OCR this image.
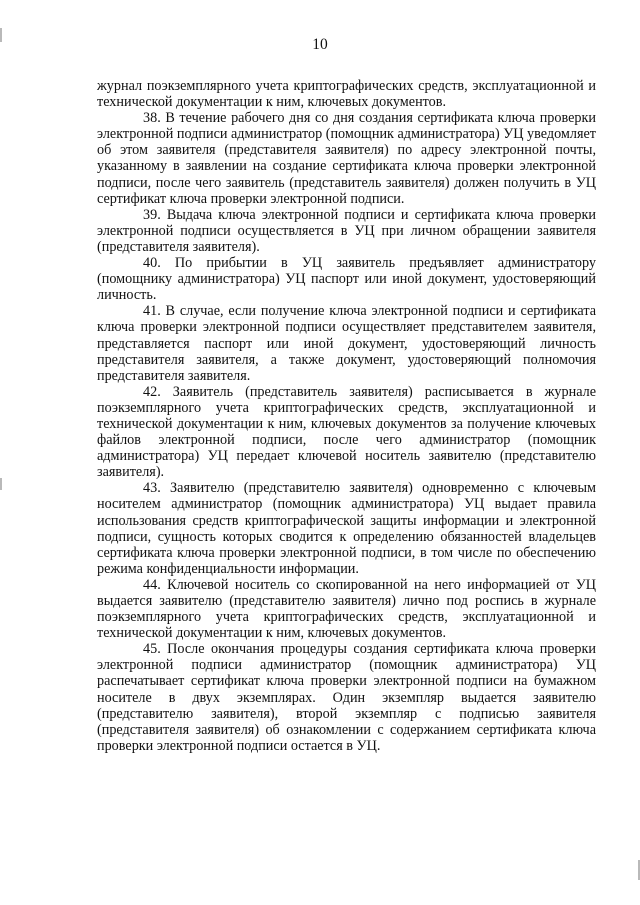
10

журнал поэкземплярного учета криптографических средств, эксплуатационной и технической документации к ним, ключевых документов.

38. В течение рабочего дня со дня создания сертификата ключа проверки электронной подписи администратор (помощник администратора) УЦ уведомляет об этом заявителя (представителя заявителя) по адресу электронной почты, указанному в заявлении на создание сертификата ключа проверки электронной подписи, после чего заявитель (представитель заявителя) должен получить в УЦ сертификат ключа проверки электронной подписи.

39. Выдача ключа электронной подписи и сертификата ключа проверки электронной подписи осуществляется в УЦ при личном обращении заявителя (представителя заявителя).

40. По прибытии в УЦ заявитель предъявляет администратору (помощнику администратора) УЦ паспорт или иной документ, удостоверяющий личность.

41. В случае, если получение ключа электронной подписи и сертификата ключа проверки электронной подписи осуществляет представителем заявителя, представляется паспорт или иной документ, удостоверяющий личность представителя заявителя, а также документ, удостоверяющий полномочия представителя заявителя.

42. Заявитель (представитель заявителя) расписывается в журнале поэкземплярного учета криптографических средств, эксплуатационной и технической документации к ним, ключевых документов за получение ключевых файлов электронной подписи, после чего администратор (помощник администратора) УЦ передает ключевой носитель заявителю (представителю заявителя).

43. Заявителю (представителю заявителя) одновременно с ключевым носителем администратор (помощник администратора) УЦ выдает правила использования средств криптографической защиты информации и электронной подписи, сущность которых сводится к определению обязанностей владельцев сертификата ключа проверки электронной подписи, в том числе по обеспечению режима конфиденциальности информации.

44. Ключевой носитель со скопированной на него информацией от УЦ выдается заявителю (представителю заявителя) лично под роспись в журнале поэкземплярного учета криптографических средств, эксплуатационной и технической документации к ним, ключевых документов.

45. После окончания процедуры создания сертификата ключа проверки электронной подписи администратор (помощник администратора) УЦ распечатывает сертификат ключа проверки электронной подписи на бумажном носителе в двух экземплярах. Один экземпляр выдается заявителю (представителю заявителя), второй экземпляр с подписью заявителя (представителя заявителя) об ознакомлении с содержанием сертификата ключа проверки электронной подписи остается в УЦ.
